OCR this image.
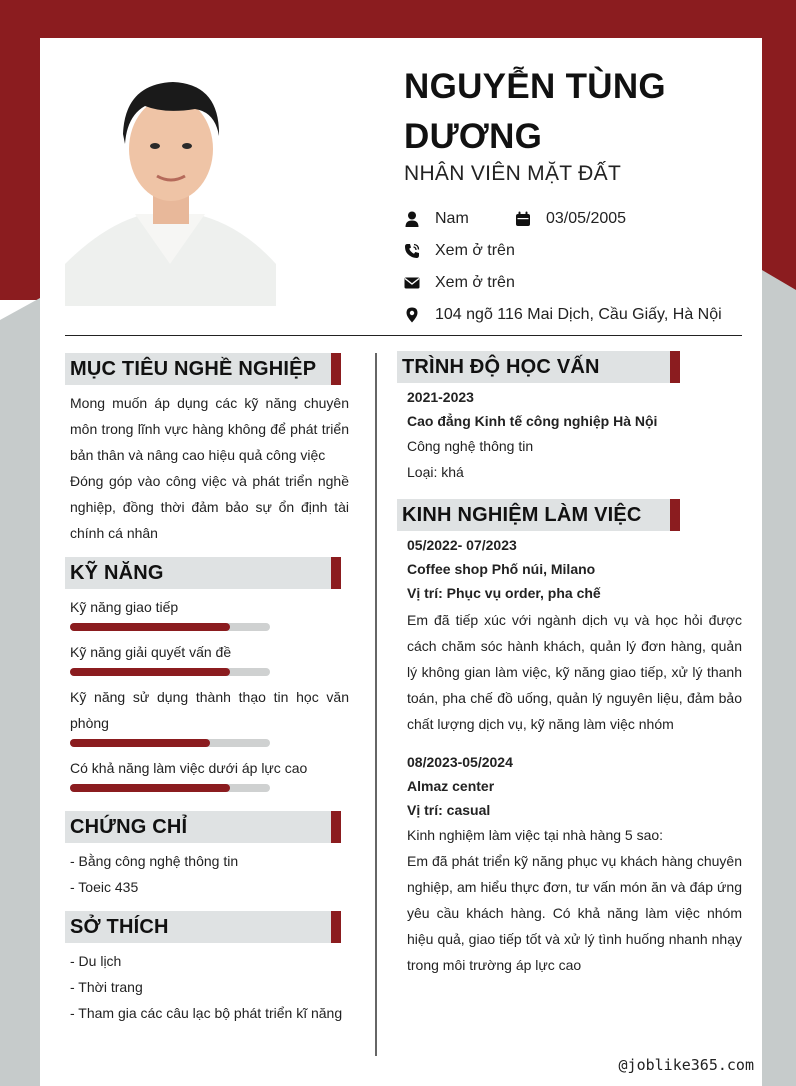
NGUYỄN TÙNG DƯƠNG
NHÂN VIÊN MẶT ĐẤT
Nam	03/05/2005
Xem ở trên
Xem ở trên
104 ngõ 116 Mai Dịch, Cầu Giấy, Hà Nội
MỤC TIÊU NGHỀ NGHIỆP
Mong muốn áp dụng các kỹ năng chuyên môn trong lĩnh vực hàng không để phát triển bản thân và nâng cao hiệu quả công việc
Đóng góp vào công việc và phát triển nghề nghiệp, đồng thời đảm bảo sự ổn định tài chính cá nhân
KỸ NĂNG
Kỹ năng giao tiếp
Kỹ năng giải quyết vấn đề
Kỹ năng sử dụng thành thạo tin học văn phòng
Có khả năng làm việc dưới áp lực cao
CHỨNG CHỈ
- Bằng công nghệ thông tin
- Toeic 435
SỞ THÍCH
- Du lịch
- Thời trang
- Tham gia các câu lạc bộ phát triển kĩ năng
TRÌNH ĐỘ HỌC VẤN
2021-2023
Cao đẳng Kinh tế công nghiệp Hà Nội
Công nghệ thông tin
Loại: khá
KINH NGHIỆM LÀM VIỆC
05/2022- 07/2023
Coffee shop Phố núi, Milano
Vị trí: Phục vụ order, pha chế
Em đã tiếp xúc với ngành dịch vụ và học hỏi được cách chăm sóc hành khách, quản lý đơn hàng, quản lý không gian làm việc, kỹ năng giao tiếp, xử lý thanh toán, pha chế đồ uống, quản lý nguyên liệu, đảm bảo chất lượng dịch vụ, kỹ năng làm việc nhóm
08/2023-05/2024
Almaz center
Vị trí: casual
Kinh nghiệm làm việc tại nhà hàng 5 sao:
Em đã phát triển kỹ năng phục vụ khách hàng chuyên nghiệp, am hiểu thực đơn, tư vấn món ăn và đáp ứng yêu cầu khách hàng. Có khả năng làm việc nhóm hiệu quả, giao tiếp tốt và xử lý tình huống nhanh nhạy trong môi trường áp lực cao
@joblike365.com
